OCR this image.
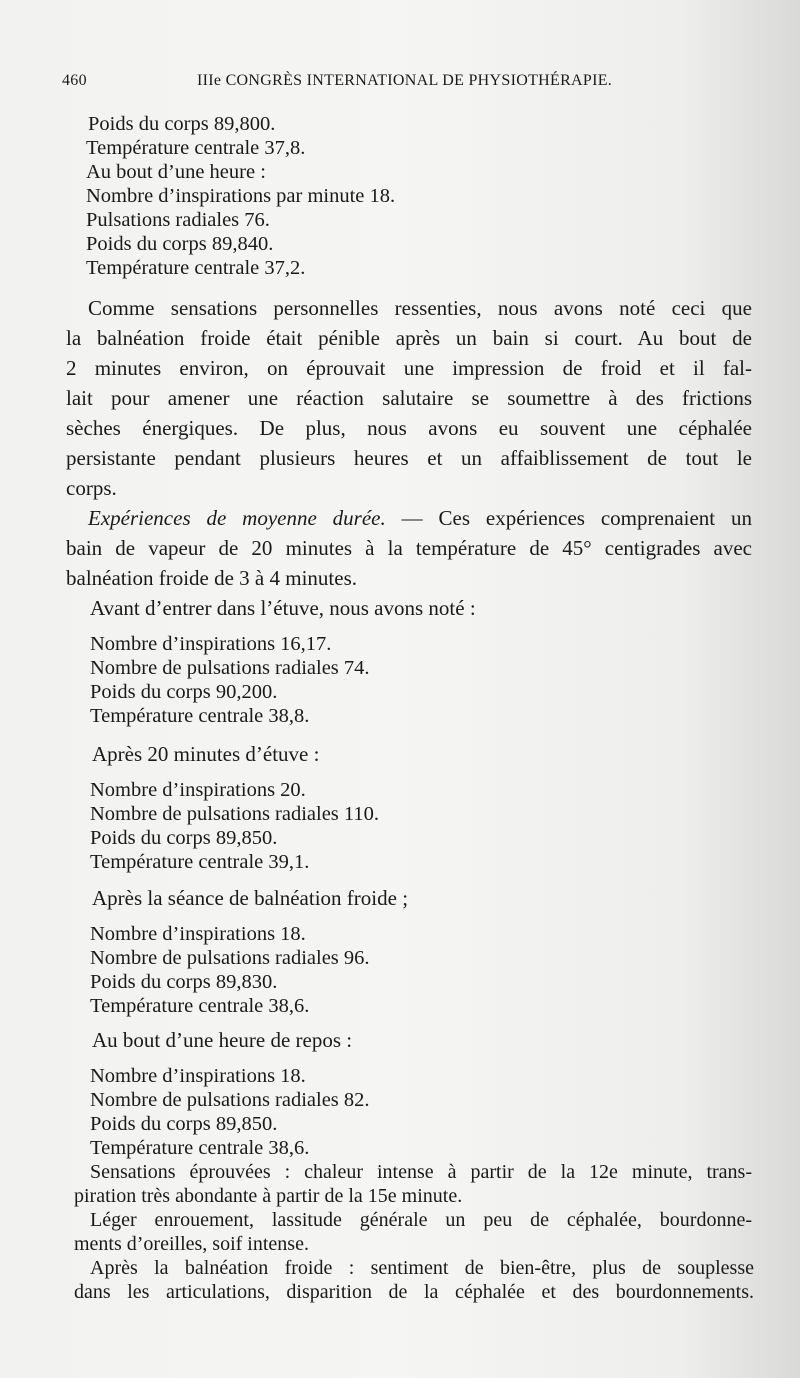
460	IIIe CONGRÈS INTERNATIONAL DE PHYSIOTHÉRAPIE.
Poids du corps 89,800.
Température centrale 37,8.
Au bout d’une heure :
Nombre d’inspirations par minute 18.
Pulsations radiales 76.
Poids du corps 89,840.
Température centrale 37,2.
Comme sensations personnelles ressenties, nous avons noté ceci que
la balnéation froide était pénible après un bain si court. Au bout de
2 minutes environ, on éprouvait une impression de froid et il fal-
lait pour amener une réaction salutaire se soumettre à des frictions
sèches énergiques. De plus, nous avons eu souvent une céphalée
persistante pendant plusieurs heures et un affaiblissement de tout le
corps.
Expériences de moyenne durée. — Ces expériences comprenaient un
bain de vapeur de 20 minutes à la température de 45° centigrades avec
balnéation froide de 3 à 4 minutes.
Avant d’entrer dans l’étuve, nous avons noté :
Nombre d’inspirations 16,17.
Nombre de pulsations radiales 74.
Poids du corps 90,200.
Température centrale 38,8.
Après 20 minutes d’étuve :
Nombre d’inspirations 20.
Nombre de pulsations radiales 110.
Poids du corps 89,850.
Température centrale 39,1.
Après la séance de balnéation froide ;
Nombre d’inspirations 18.
Nombre de pulsations radiales 96.
Poids du corps 89,830.
Température centrale 38,6.
Au bout d’une heure de repos :
Nombre d’inspirations 18.
Nombre de pulsations radiales 82.
Poids du corps 89,850.
Température centrale 38,6.
Sensations éprouvées : chaleur intense à partir de la 12e minute, trans-
piration très abondante à partir de la 15e minute.
Léger enrouement, lassitude générale un peu de céphalée, bourdonne-
ments d’oreilles, soif intense.
Après la balnéation froide : sentiment de bien-être, plus de souplesse
dans les articulations, disparition de la céphalée et des bourdonnements.
